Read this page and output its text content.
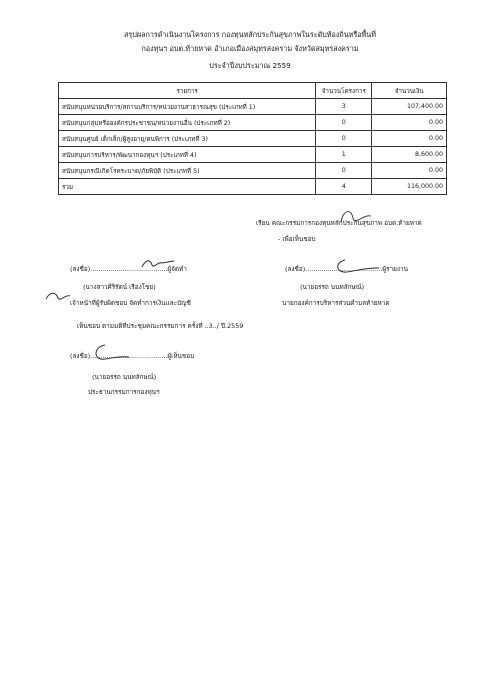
สรุปผลการดำเนินงานโครงการ กองทุนหลักประกันสุขภาพในระดับท้องถิ่นหรือพื้นที่
กองทุนฯ อบต.ท้ายหาด อำเภอเมืองสมุทรสงคราม จังหวัดสมุทรสงคราม
ประจำปีงบประมาณ 2559
รายการ	จำนวนโครงการ	จำนวนเงิน
สนับสนุนหน่วยบริการ/สถานบริการ/หน่วยงานสาธารณสุข (ประเภทที่ 1)	3	107,400.00
สนับสนุนกลุ่มหรือองค์กรประชาชน/หน่วยงานอื่น (ประเภทที่ 2)	0	0.00
สนับสนุนศูนย์ เด็กเล็ก/ผู้สูงอายุ/คนพิการ (ประเภทที่ 3)	0	0.00
สนับสนุนการบริหาร/พัฒนากองทุนฯ (ประเภทที่ 4)	1	8,600.00
สนับสนุนกรณีเกิดโรคระบาด/ภัยพิบัติ (ประเภทที่ 5)	0	0.00
รวม	4	116,000.00
เรียน คณะกรรมการกองทุนหลักประกันสุขภาพ อบต.ท้ายหาด
- เพื่อเห็นชอบ
(ลงชื่อ)......................................ผู้จัดทำ
(นางสาวศิริรัตน์ เรืองโชย)
เจ้าหน้าที่ผู้รับผิดชอบ จัดทำการเงินและบัญชี
(ลงชื่อ)......................................ผู้รายงาน
(นายอรรถ นนทลักษณ์)
นายกองค์การบริหารส่วนตำบลท้ายหาด
เห็นชอบ ตามมติที่ประชุมคณะกรรมการ ครั้งที่ ..3../ ปี.2559
(ลงชื่อ)......................................ผู้เห็นชอบ
(นายอรรถ นนทลักษณ์)
ประธานกรรมการกองทุนฯ
